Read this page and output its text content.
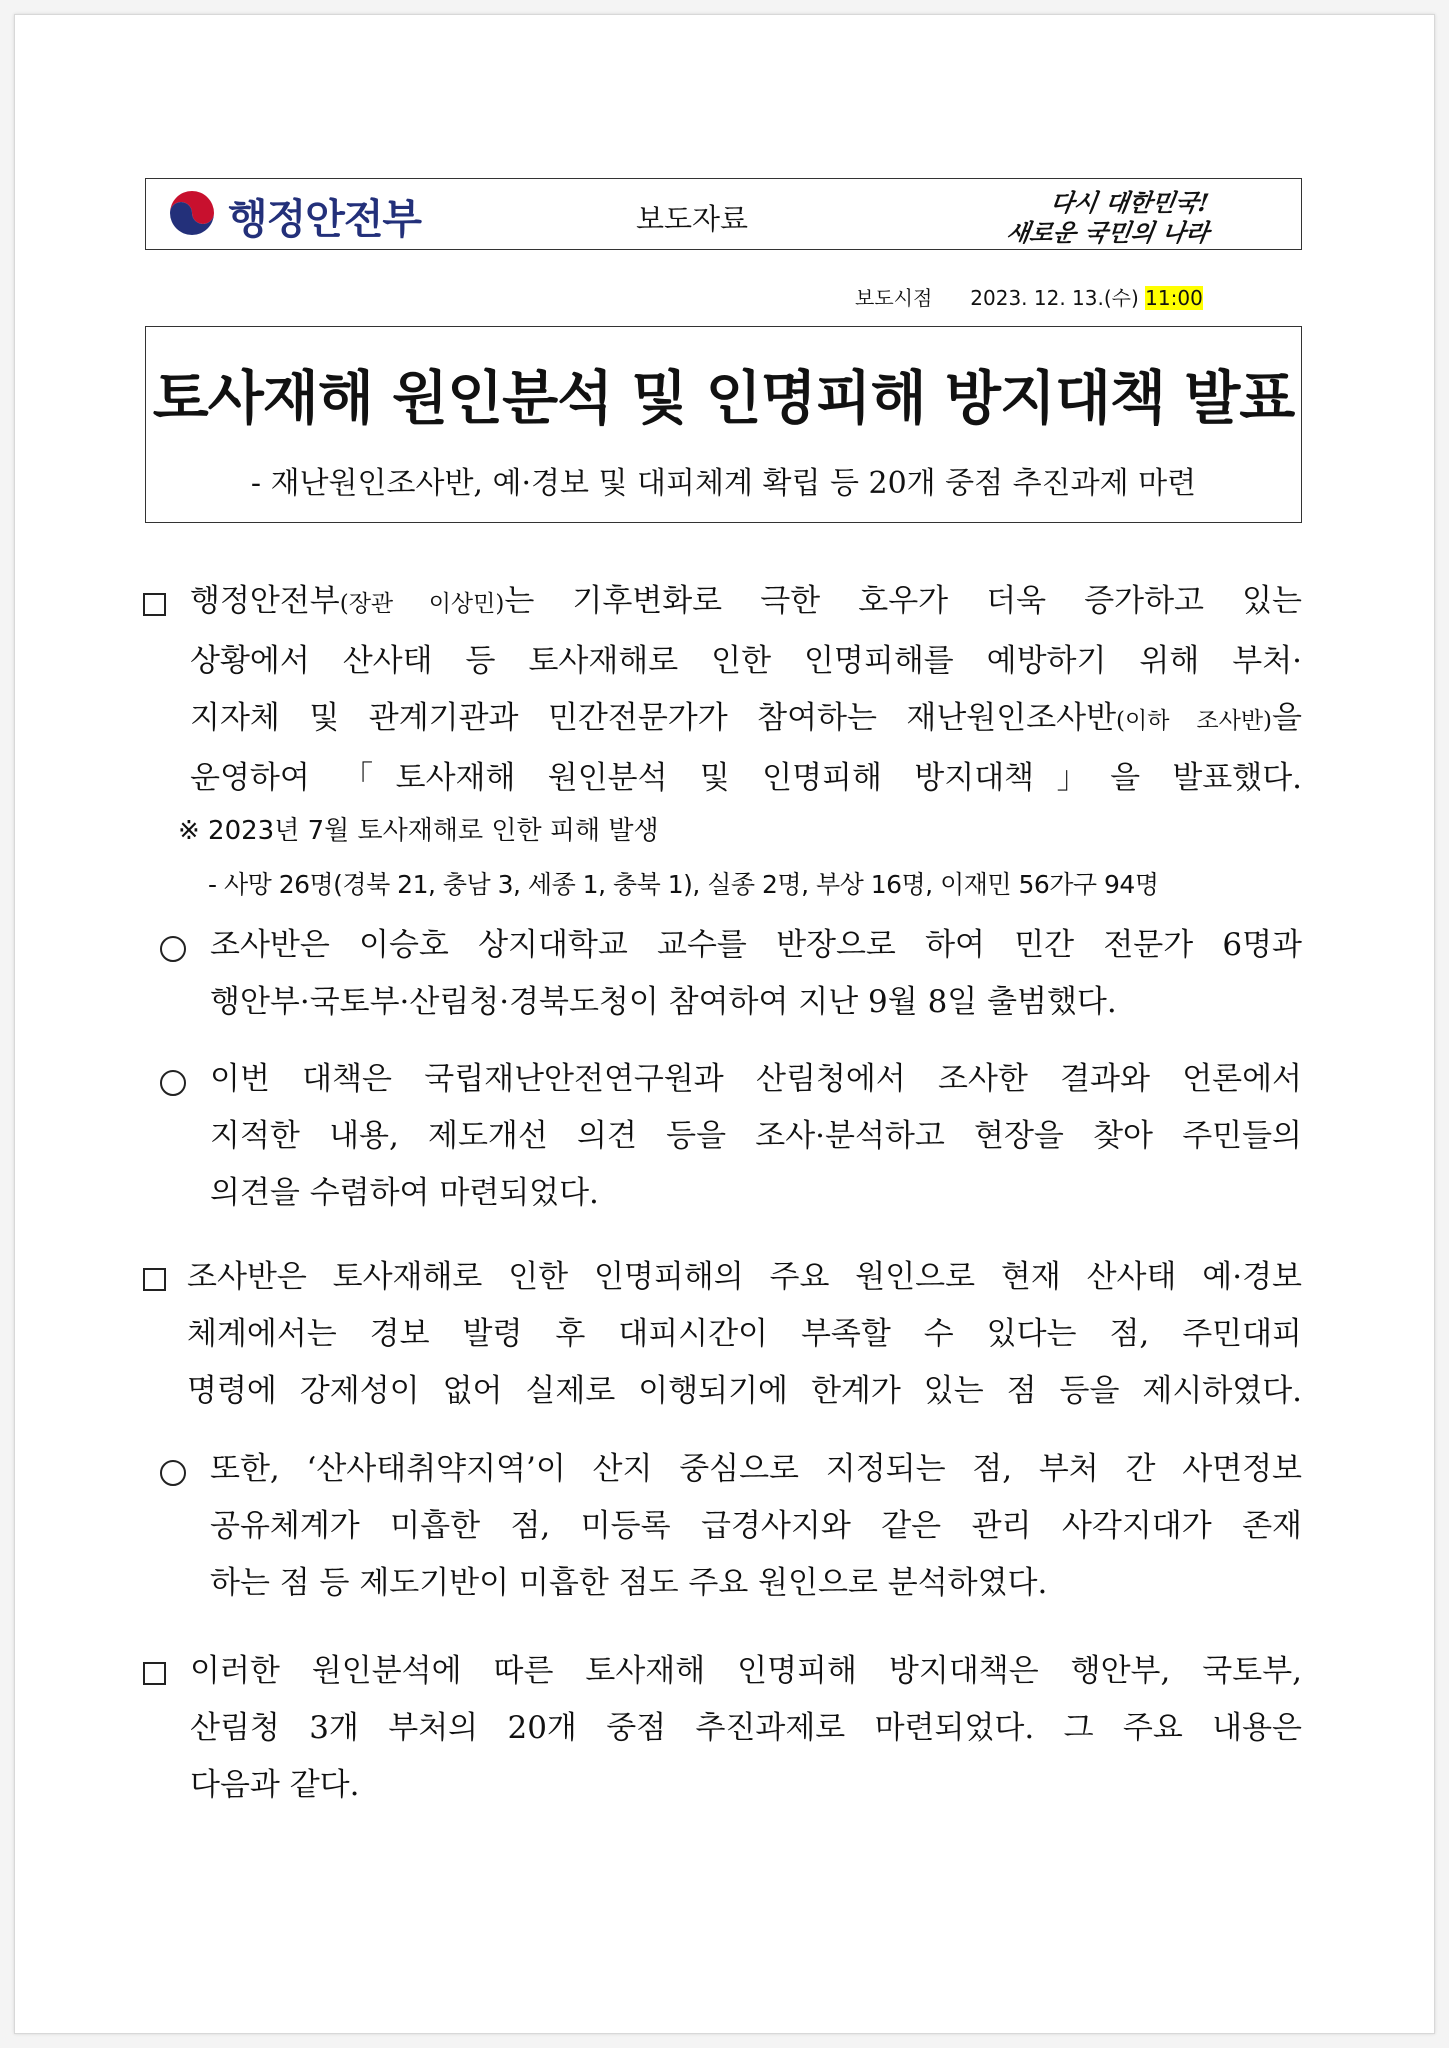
행정안전부	보도자료	다시 대한민국!
새로운 국민의 나라
보도시점 2023. 12. 13.(수) 11:00
토사재해 원인분석 및 인명피해 방지대책 발표
- 재난원인조사반, 예·경보 및 대피체계 확립 등 20개 중점 추진과제 마련
행정안전부(장관 이상민)는 기후변화로 극한 호우가 더욱 증가하고 있는
상황에서 산사태 등 토사재해로 인한 인명피해를 예방하기 위해 부처·
지자체 및 관계기관과 민간전문가가 참여하는 재난원인조사반(이하 조사반)을
운영하여 「토사재해 원인분석 및 인명피해 방지대책」을 발표했다.
※ 2023년 7월 토사재해로 인한 피해 발생
- 사망 26명(경북 21, 충남 3, 세종 1, 충북 1), 실종 2명, 부상 16명, 이재민 56가구 94명
조사반은 이승호 상지대학교 교수를 반장으로 하여 민간 전문가 6명과
행안부·국토부·산림청·경북도청이 참여하여 지난 9월 8일 출범했다.
이번 대책은 국립재난안전연구원과 산림청에서 조사한 결과와 언론에서
지적한 내용, 제도개선 의견 등을 조사·분석하고 현장을 찾아 주민들의
의견을 수렴하여 마련되었다.
조사반은 토사재해로 인한 인명피해의 주요 원인으로 현재 산사태 예·경보
체계에서는 경보 발령 후 대피시간이 부족할 수 있다는 점, 주민대피
명령에 강제성이 없어 실제로 이행되기에 한계가 있는 점 등을 제시하였다.
또한, ‘산사태취약지역’이 산지 중심으로 지정되는 점, 부처 간 사면정보
공유체계가 미흡한 점, 미등록 급경사지와 같은 관리 사각지대가 존재
하는 점 등 제도기반이 미흡한 점도 주요 원인으로 분석하였다.
이러한 원인분석에 따른 토사재해 인명피해 방지대책은 행안부, 국토부,
산림청 3개 부처의 20개 중점 추진과제로 마련되었다. 그 주요 내용은
다음과 같다.
